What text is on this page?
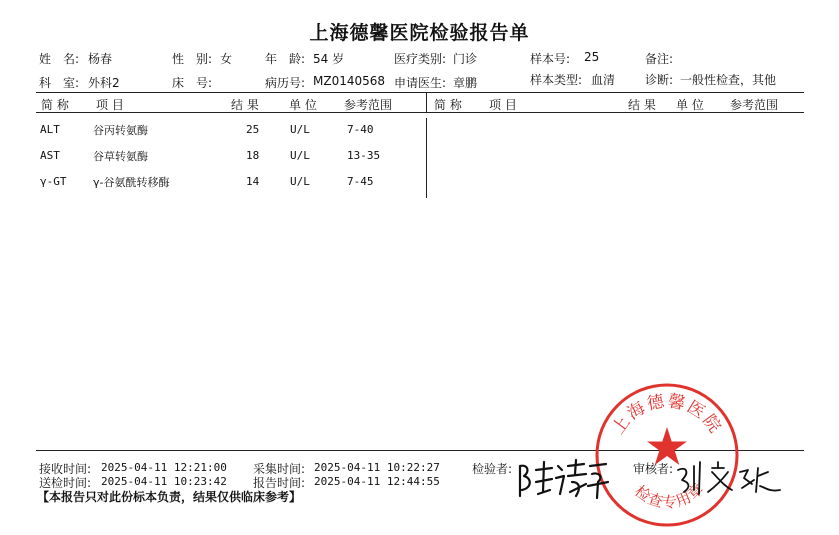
上海德馨医院检验报告单
姓　名: 杨春	性　别: 女	年　龄: 54 岁	医疗类别: 门诊	样本号: 25	备注:
科　室: 外科2	床　号:	病历号: MZ0140568 申请医生: 章鹏	样本类型: 血清 诊断: 一般性检查，其他
简 称 项 目	结 果	单 位 参考范围	简 称 项 目	结 果 单 位 参考范围
ALT	谷丙转氨酶	25	U/L	7-40
AST	谷草转氨酶	18	U/L	13-35
γ-GT γ-谷氨酰转移酶	14	U/L	7-45
接收时间: 2025-04-11 12:21:00 采集时间: 2025-04-11 10:22:27
送检时间: 2025-04-11 10:23:42 报告时间: 2025-04-11 12:44:55
检验者:	审核者:
【本报告只对此份标本负责，结果仅供临床参考】
上海德馨医院
检查专用章
